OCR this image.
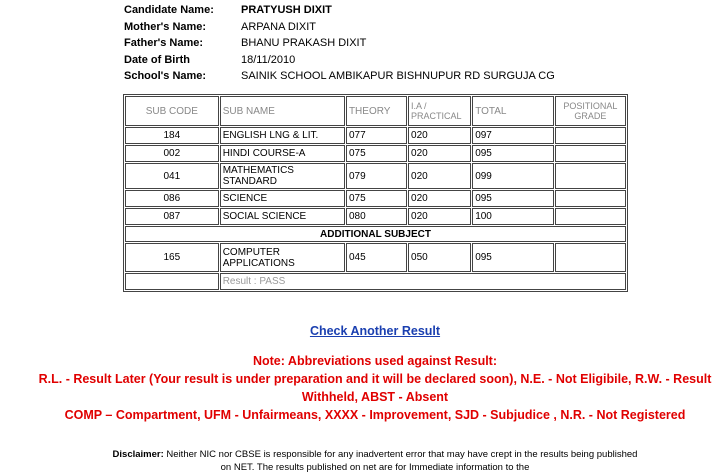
Candidate Name:	PRATYUSH DIXIT
Mother's Name:	ARPANA DIXIT
Father's Name:	BHANU PRAKASH DIXIT
Date of Birth	18/11/2010
School's Name:	SAINIK SCHOOL AMBIKAPUR BISHNUPUR RD SURGUJA CG
SUB CODE	SUB NAME	THEORY	I.A / PRACTICAL	TOTAL	POSITIONAL GRADE
184	ENGLISH LNG & LIT.	077	020	097	
002	HINDI COURSE-A	075	020	095	
041	MATHEMATICS STANDARD	079	020	099	
086	SCIENCE	075	020	095	
087	SOCIAL SCIENCE	080	020	100	
ADDITIONAL SUBJECT					
165	COMPUTER APPLICATIONS	045	050	095	
	Result : PASS				
Check Another Result
Note: Abbreviations used against Result:
R.L. - Result Later (Your result is under preparation and it will be declared soon), N.E. - Not Eligibile, R.W. - Result Withheld, ABST - Absent
COMP – Compartment, UFM - Unfairmeans, XXXX - Improvement, SJD - Subjudice , N.R. - Not Registered
Disclaimer: Neither NIC nor CBSE is responsible for any inadvertent error that may have crept in the results being published on NET. The results published on net are for Immediate information to the
